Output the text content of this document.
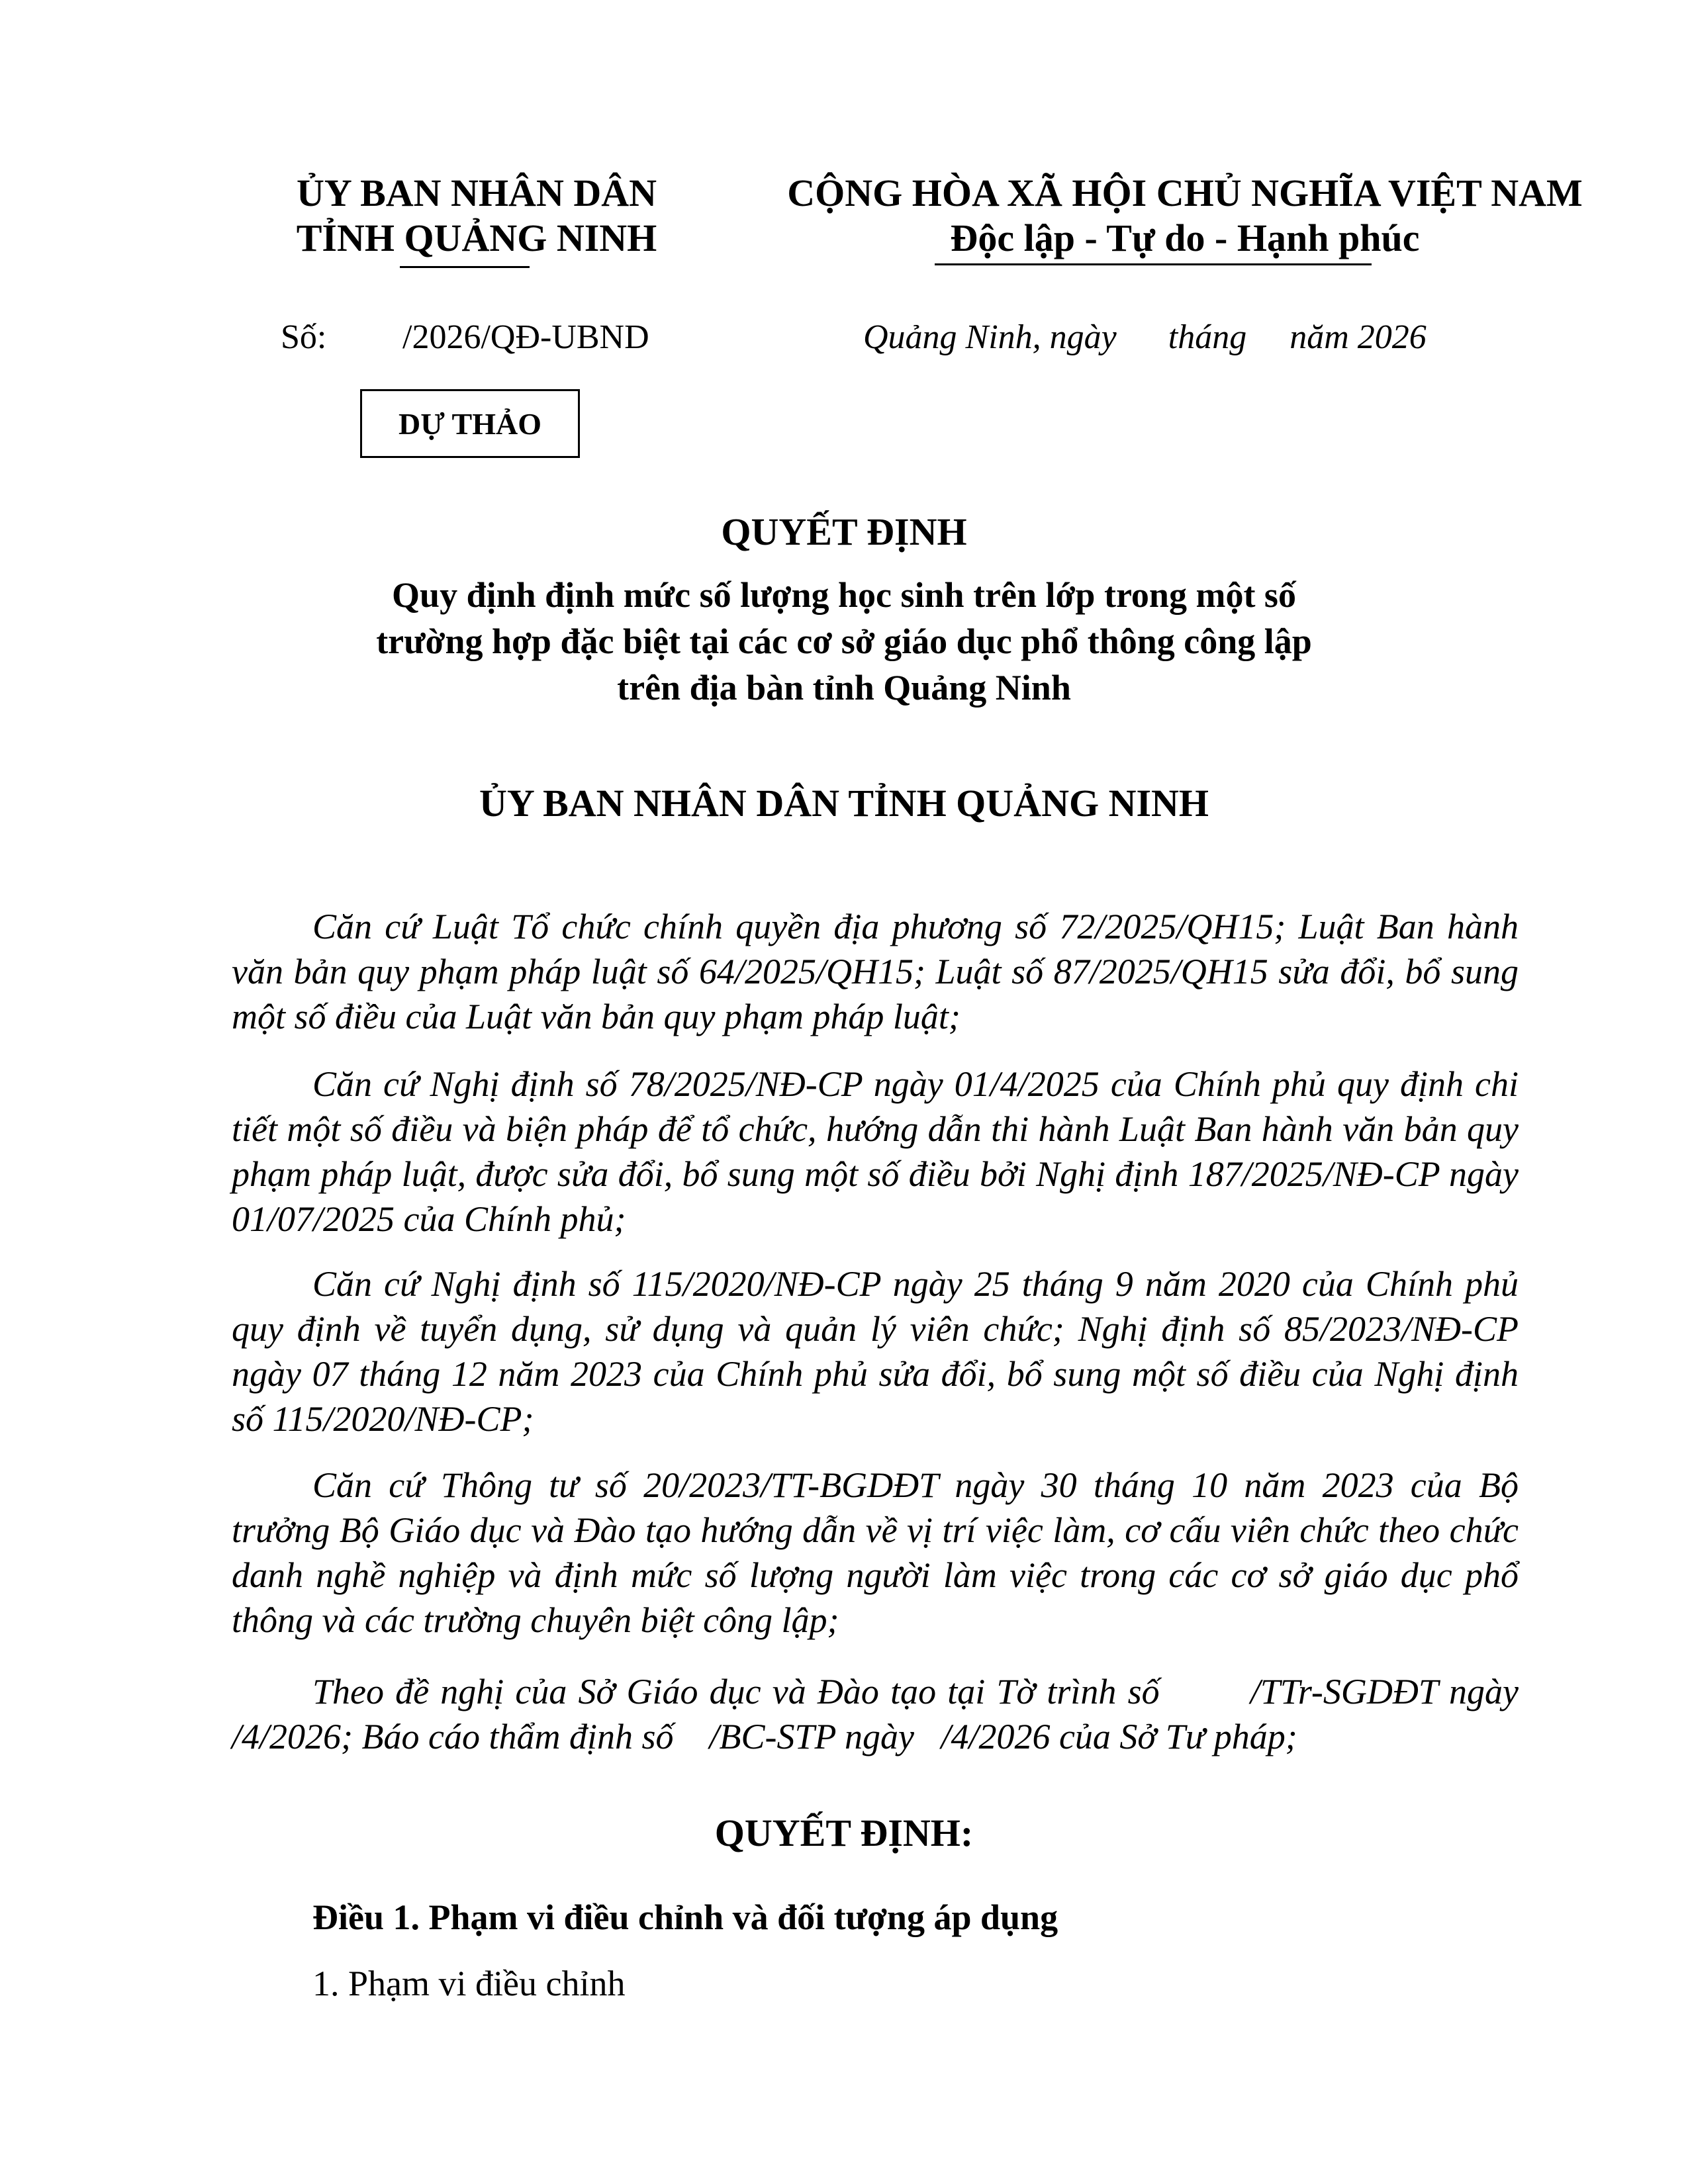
ỦY BAN NHÂN DÂN
TỈNH QUẢNG NINH
CỘNG HÒA XÃ HỘI CHỦ NGHĨA VIỆT NAM
Độc lập - Tự do - Hạnh phúc
Số: /2026/QĐ-UBND	Quảng Ninh, ngày      tháng     năm 2026
DỰ THẢO
QUYẾT ĐỊNH
Quy định định mức số lượng học sinh trên lớp trong một số
trường hợp đặc biệt tại các cơ sở giáo dục phổ thông công lập
trên địa bàn tỉnh Quảng Ninh
ỦY BAN NHÂN DÂN TỈNH QUẢNG NINH
Căn cứ Luật Tổ chức chính quyền địa phương số 72/2025/QH15; Luật Ban hành văn bản quy phạm pháp luật số 64/2025/QH15; Luật số 87/2025/QH15 sửa đổi, bổ sung một số điều của Luật văn bản quy phạm pháp luật;
Căn cứ Nghị định số 78/2025/NĐ-CP ngày 01/4/2025 của Chính phủ quy định chi tiết một số điều và biện pháp để tổ chức, hướng dẫn thi hành Luật Ban hành văn bản quy phạm pháp luật, được sửa đổi, bổ sung một số điều bởi Nghị định 187/2025/NĐ-CP ngày 01/07/2025 của Chính phủ;
Căn cứ Nghị định số 115/2020/NĐ-CP ngày 25 tháng 9 năm 2020 của Chính phủ quy định về tuyển dụng, sử dụng và quản lý viên chức; Nghị định số 85/2023/NĐ-CP ngày 07 tháng 12 năm 2023 của Chính phủ sửa đổi, bổ sung một số điều của Nghị định số 115/2020/NĐ-CP;
Căn cứ Thông tư số 20/2023/TT-BGDĐT ngày 30 tháng 10 năm 2023 của Bộ trưởng Bộ Giáo dục và Đào tạo hướng dẫn về vị trí việc làm, cơ cấu viên chức theo chức danh nghề nghiệp và định mức số lượng người làm việc trong các cơ sở giáo dục phổ thông và các trường chuyên biệt công lập;
Theo đề nghị của Sở Giáo dục và Đào tạo tại Tờ trình số        /TTr-SGDĐT ngày   /4/2026; Báo cáo thẩm định số    /BC-STP ngày   /4/2026 của Sở Tư pháp;
QUYẾT ĐỊNH:
Điều 1. Phạm vi điều chỉnh và đối tượng áp dụng
1. Phạm vi điều chỉnh
